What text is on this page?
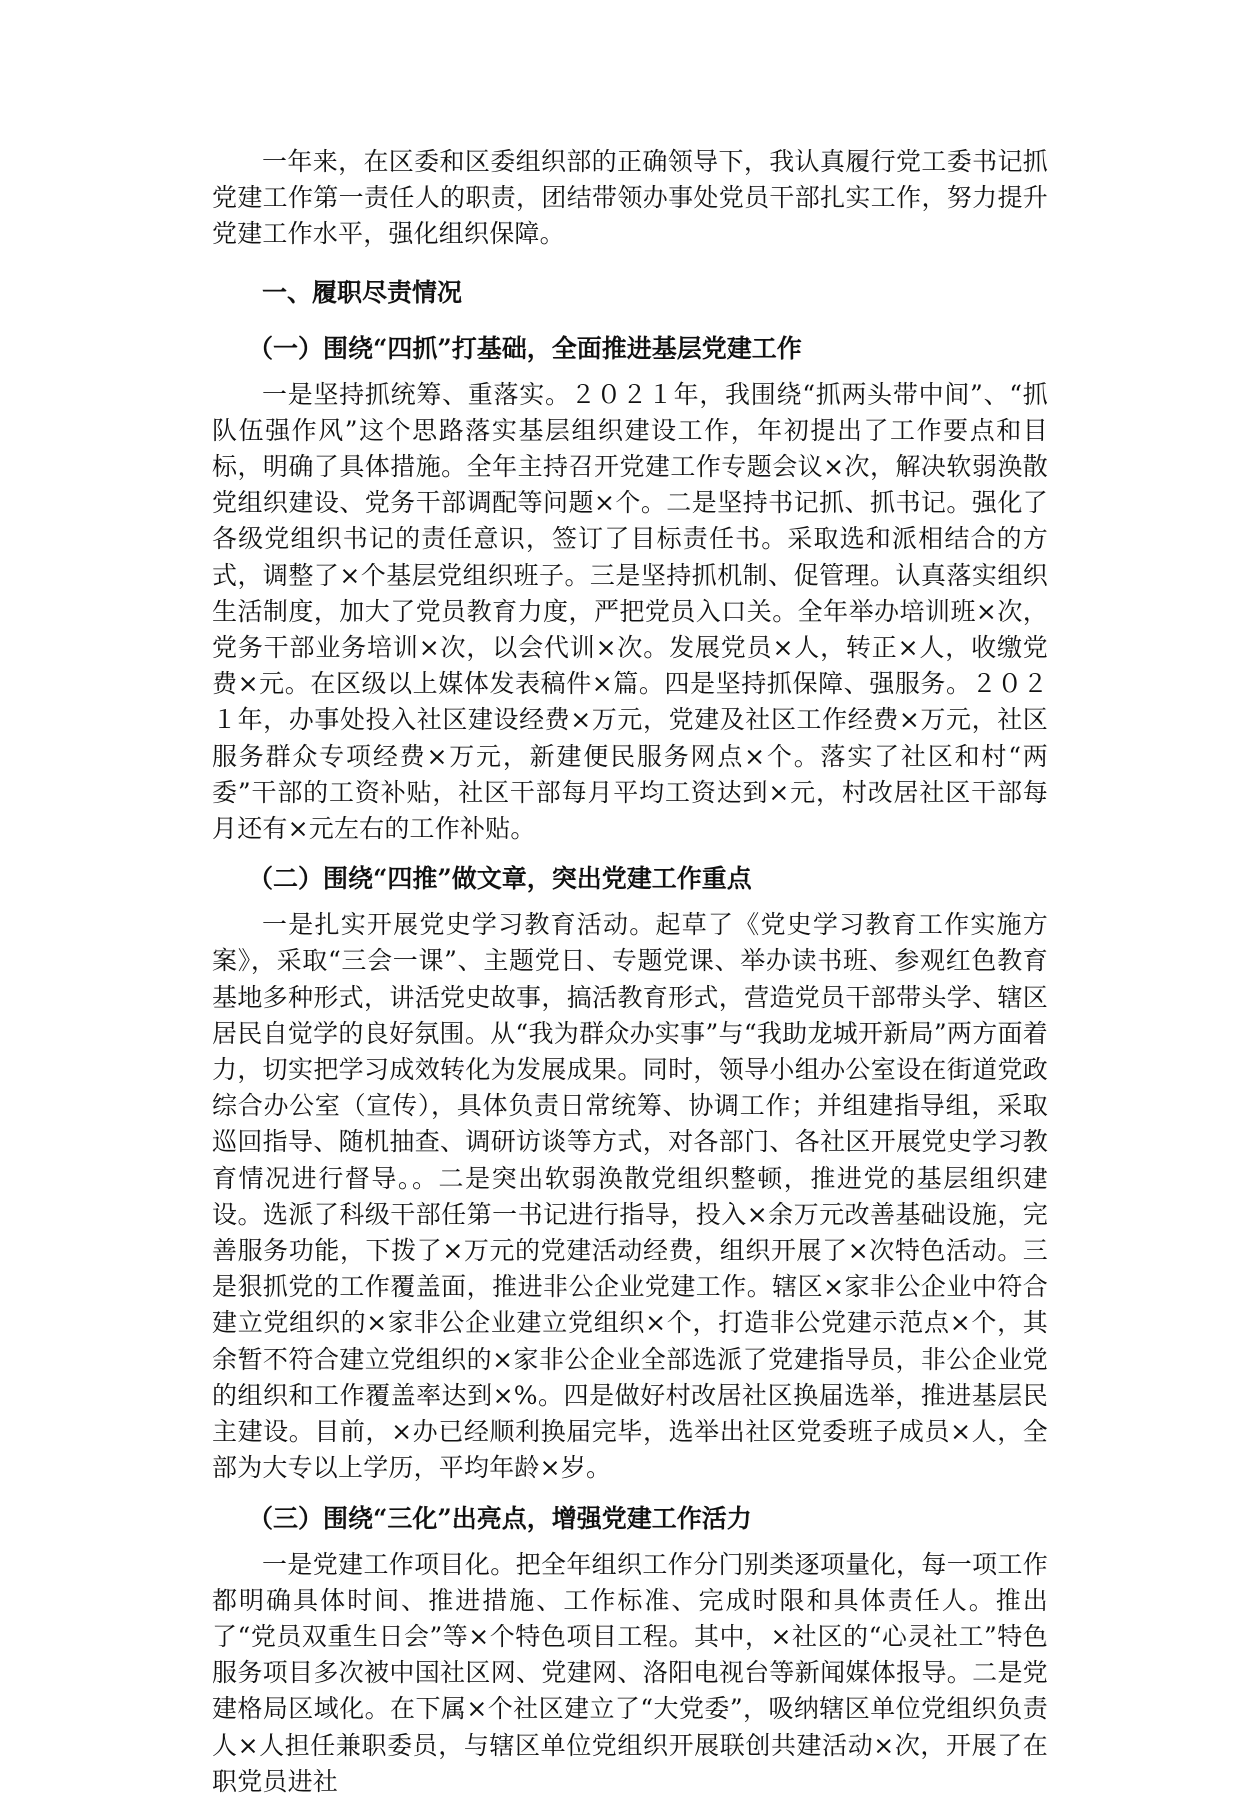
一年来，在区委和区委组织部的正确领导下，我认真履行党工委书记抓党建工作第一责任人的职责，团结带领办事处党员干部扎实工作，努力提升党建工作水平，强化组织保障。

一、履职尽责情况

（一）围绕“四抓”打基础，全面推进基层党建工作

一是坚持抓统筹、重落实。２０２１年，我围绕“抓两头带中间”、“抓队伍强作风”这个思路落实基层组织建设工作，年初提出了工作要点和目标，明确了具体措施。全年主持召开党建工作专题会议×次，解决软弱涣散党组织建设、党务干部调配等问题×个。二是坚持书记抓、抓书记。强化了各级党组织书记的责任意识，签订了目标责任书。采取选和派相结合的方式，调整了×个基层党组织班子。三是坚持抓机制、促管理。认真落实组织生活制度，加大了党员教育力度，严把党员入口关。全年举办培训班×次，党务干部业务培训×次，以会代训×次。发展党员×人，转正×人，收缴党费×元。在区级以上媒体发表稿件×篇。四是坚持抓保障、强服务。２０２１年，办事处投入社区建设经费×万元，党建及社区工作经费×万元，社区服务群众专项经费×万元，新建便民服务网点×个。落实了社区和村“两委”干部的工资补贴，社区干部每月平均工资达到×元，村改居社区干部每月还有×元左右的工作补贴。

（二）围绕“四推”做文章，突出党建工作重点

一是扎实开展党史学习教育活动。起草了《党史学习教育工作实施方案》，采取“三会一课”、主题党日、专题党课、举办读书班、参观红色教育基地多种形式，讲活党史故事，搞活教育形式，营造党员干部带头学、辖区居民自觉学的良好氛围。从“我为群众办实事”与“我助龙城开新局”两方面着力，切实把学习成效转化为发展成果。同时，领导小组办公室设在街道党政综合办公室（宣传），具体负责日常统筹、协调工作；并组建指导组，采取巡回指导、随机抽查、调研访谈等方式，对各部门、各社区开展党史学习教育情况进行督导。。二是突出软弱涣散党组织整顿，推进党的基层组织建设。选派了科级干部任第一书记进行指导，投入×余万元改善基础设施，完善服务功能，下拨了×万元的党建活动经费，组织开展了×次特色活动。三是狠抓党的工作覆盖面，推进非公企业党建工作。辖区×家非公企业中符合建立党组织的×家非公企业建立党组织×个，打造非公党建示范点×个，其余暂不符合建立党组织的×家非公企业全部选派了党建指导员，非公企业党的组织和工作覆盖率达到×%。四是做好村改居社区换届选举，推进基层民主建设。目前，×办已经顺利换届完毕，选举出社区党委班子成员×人，全部为大专以上学历，平均年龄×岁。

（三）围绕“三化”出亮点，增强党建工作活力

一是党建工作项目化。把全年组织工作分门别类逐项量化，每一项工作都明确具体时间、推进措施、工作标准、完成时限和具体责任人。推出了“党员双重生日会”等×个特色项目工程。其中，×社区的“心灵社工”特色服务项目多次被中国社区网、党建网、洛阳电视台等新闻媒体报导。二是党建格局区域化。在下属×个社区建立了“大党委”，吸纳辖区单位党组织负责人×人担任兼职委员，与辖区单位党组织开展联创共建活动×次，开展了在职党员进社
